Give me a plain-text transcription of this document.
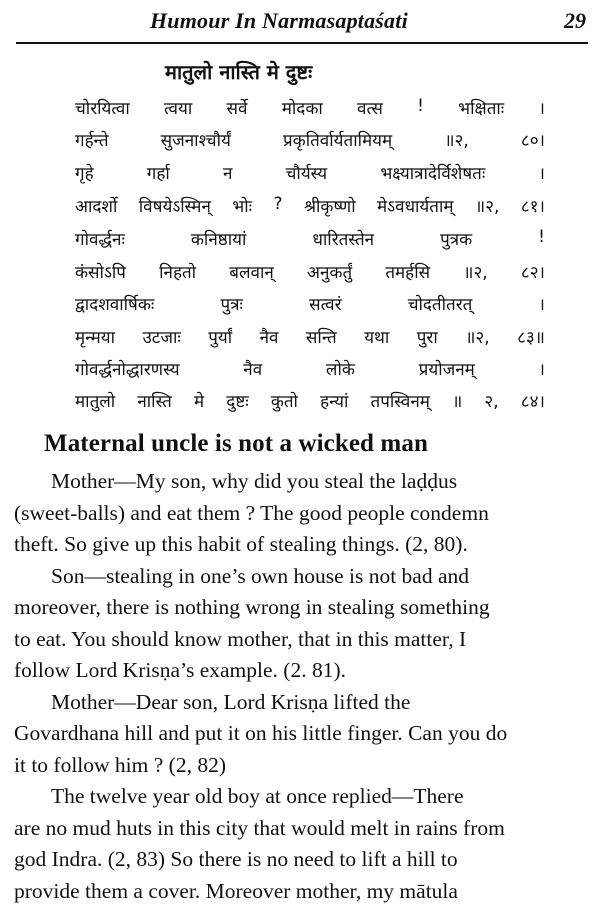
Humour In Narmasaptaśati	29
मातुलो नास्ति मे दुष्टः
चोरयित्वा त्वया सर्वे मोदका वत्स ! भक्षिताः ।
गर्हन्ते	सुजनाश्चौर्यं	प्रकृतिर्वार्यतामियम्	॥२,	८०।
गृहे	गर्हा	न	चौर्यस्य	भक्ष्यात्रादेर्विशेषतः	।
आदर्शो विषयेऽस्मिन् भोः ? श्रीकृष्णो मेऽवधार्यताम् ॥२, ८१।
गोवर्द्धनः	कनिष्ठायां	धारितस्तेन	पुत्रक	!
कंसोऽपि निहतो बलवान् अनुकर्तुं तमर्हसि ॥२, ८२।
द्वादशवार्षिकः	पुत्रः	सत्वरं	चोदतीतरत्	।
मृन्मया उटजाः पुर्यां नैव सन्ति यथा पुरा ॥२, ८३॥
गोवर्द्धनोद्धारणस्य	नैव	लोके	प्रयोजनम्	।
मातुलो नास्ति मे दुष्टः कुतो हन्यां तपस्विनम् ॥ २, ८४।
Maternal uncle is not a wicked man
Mother—My son, why did you steal the laḍḍus
(sweet-balls) and eat them ? The good people condemn
theft. So give up this habit of stealing things. (2, 80).
Son—stealing in one’s own house is not bad and
moreover, there is nothing wrong in stealing something
to eat. You should know mother, that in this matter, I
follow Lord Krisṇa’s example. (2. 81).
Mother—Dear son, Lord Krisṇa lifted the
Govardhana hill and put it on his little finger. Can you do
it to follow him ? (2, 82)
The twelve year old boy at once replied—There
are no mud huts in this city that would melt in rains from
god Indra. (2, 83) So there is no need to lift a hill to
provide them a cover. Moreover mother, my mātula
